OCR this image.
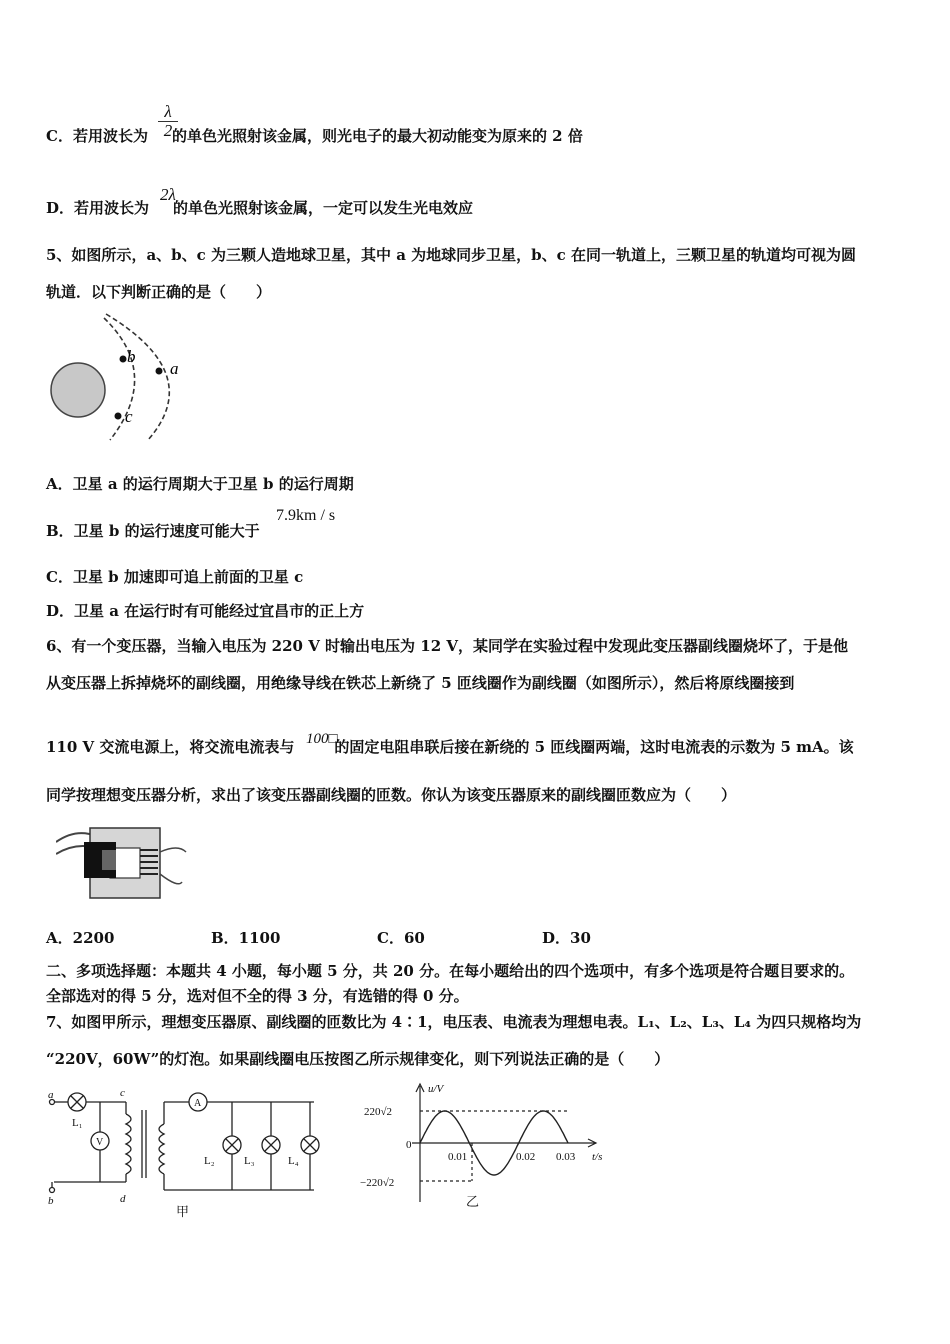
C．若用波长为 的单色光照射该金属，则光电子的最大初动能变为原来的 2 倍
$\frac{\lambda}{2}$
D．若用波长为 的单色光照射该金属，一定可以发生光电效应
2λ
5、如图所示，a、b、c 为三颗人造地球卫星，其中 a 为地球同步卫星，b、c 在同一轨道上，三颗卫星的轨道均可视为圆
轨道．以下判断正确的是（　　）
b
c
a
A．卫星 a 的运行周期大于卫星 b 的运行周期
B．卫星 b 的运行速度可能大于
7.9km / s
C．卫星 b 加速即可追上前面的卫星 c
D．卫星 a 在运行时有可能经过宜昌市的正上方
6、有一个变压器，当输入电压为 220 V 时输出电压为 12 V，某同学在实验过程中发现此变压器副线圈烧坏了，于是他
从变压器上拆掉烧坏的副线圈，用绝缘导线在铁芯上新绕了 5 匝线圈作为副线圈（如图所示），然后将原线圈接到
110 V 交流电源上，将交流电流表与	的固定电阻串联后接在新绕的 5 匝线圈两端，这时电流表的示数为 5 mA。该
100□
同学按理想变压器分析，求出了该变压器副线圈的匝数。你认为该变压器原来的副线圈匝数应为（　　）
A．2200	B．1100	C．60	D．30
二、多项选择题：本题共 4 小题，每小题 5 分，共 20 分。在每小题给出的四个选项中，有多个选项是符合题目要求的。
全部选对的得 5 分，选对但不全的得 3 分，有选错的得 0 分。
7、如图甲所示，理想变压器原、副线圈的匝数比为 4∶1，电压表、电流表为理想电表。L₁、L₂、L₃、L₄ 为四只规格均为
“220V，60W”的灯泡。如果副线圈电压按图乙所示规律变化，则下列说法正确的是（　　）
a
b
c
d
L₁
V
A
L₂	L₃	L₄
甲
u/V
t/s
220√2
0
−220√2
0.01	0.02 0.03
乙
